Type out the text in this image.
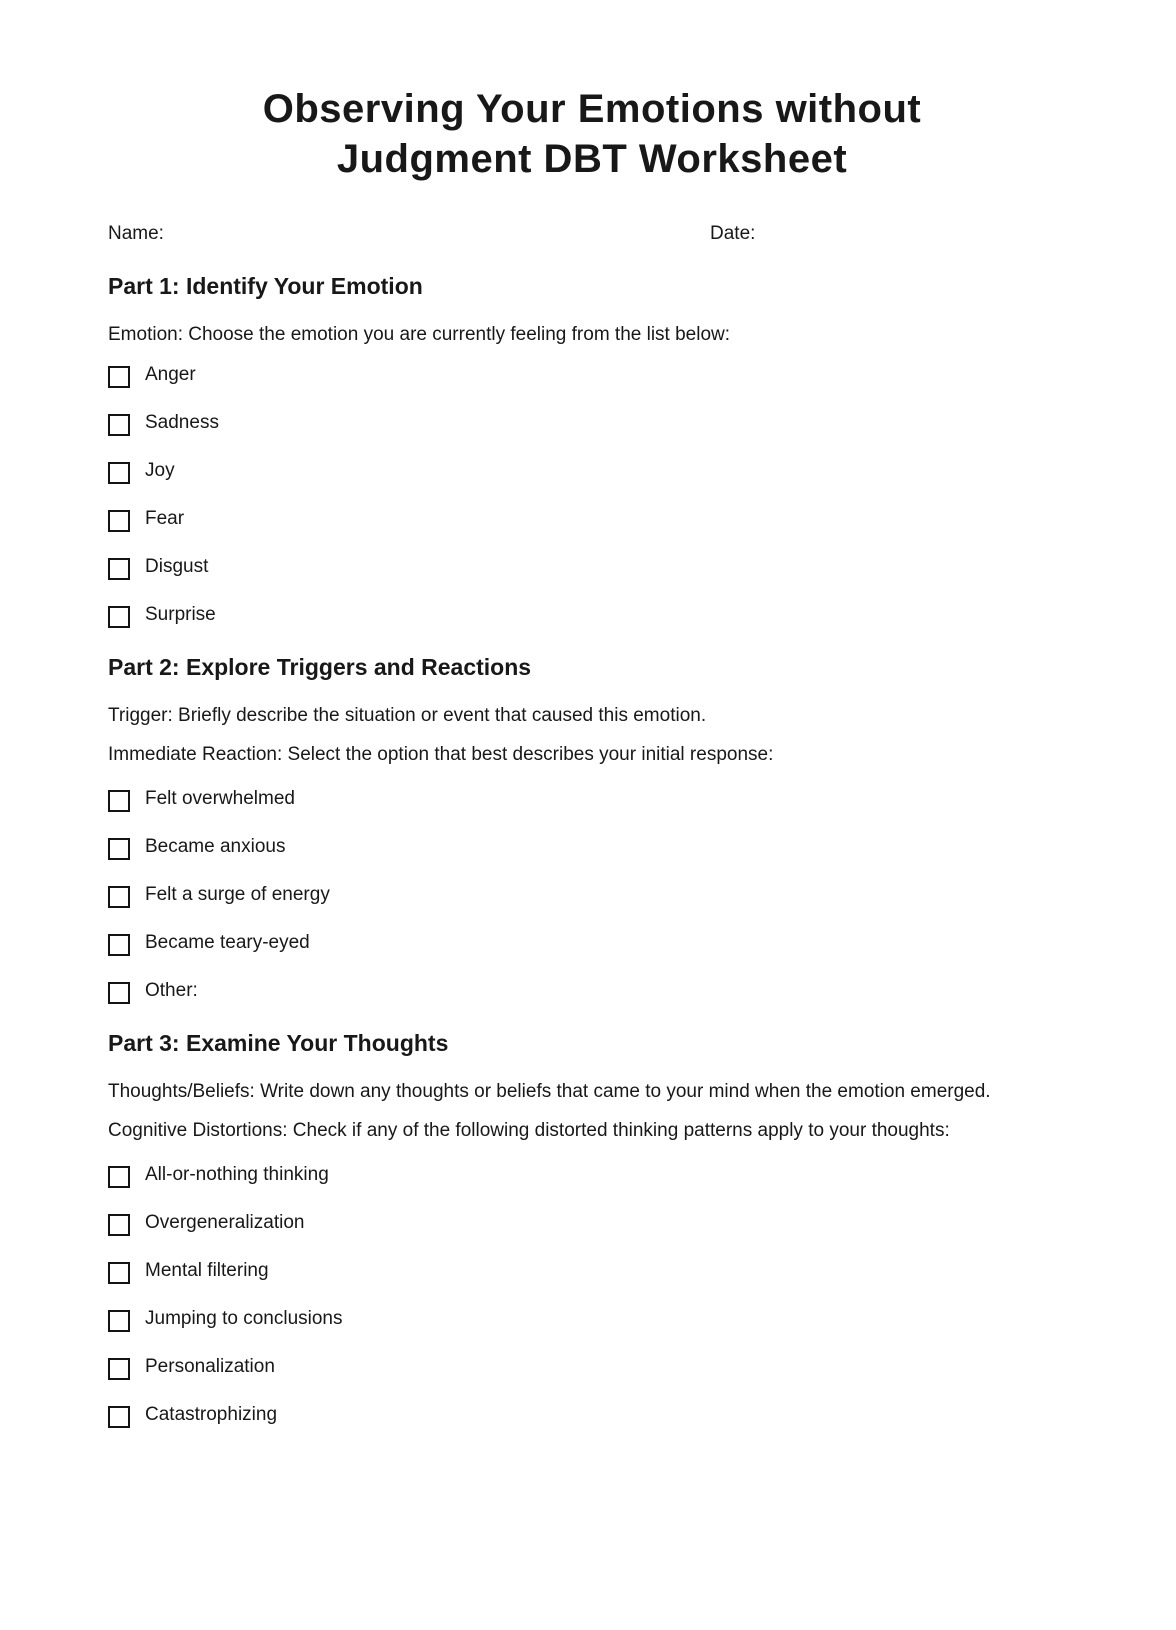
Observing Your Emotions without
Judgment DBT Worksheet
Name:	Date:
Part 1: Identify Your Emotion

Emotion: Choose the emotion you are currently feeling from the list below:

Anger
Sadness
Joy
Fear
Disgust
Surprise
Part 2: Explore Triggers and Reactions

Trigger: Briefly describe the situation or event that caused this emotion.

Immediate Reaction: Select the option that best describes your initial response:

Felt overwhelmed
Became anxious
Felt a surge of energy
Became teary-eyed
Other:
Part 3: Examine Your Thoughts

Thoughts/Beliefs: Write down any thoughts or beliefs that came to your mind when the emotion emerged.

Cognitive Distortions: Check if any of the following distorted thinking patterns apply to your thoughts:

All-or-nothing thinking
Overgeneralization
Mental filtering
Jumping to conclusions
Personalization
Catastrophizing
